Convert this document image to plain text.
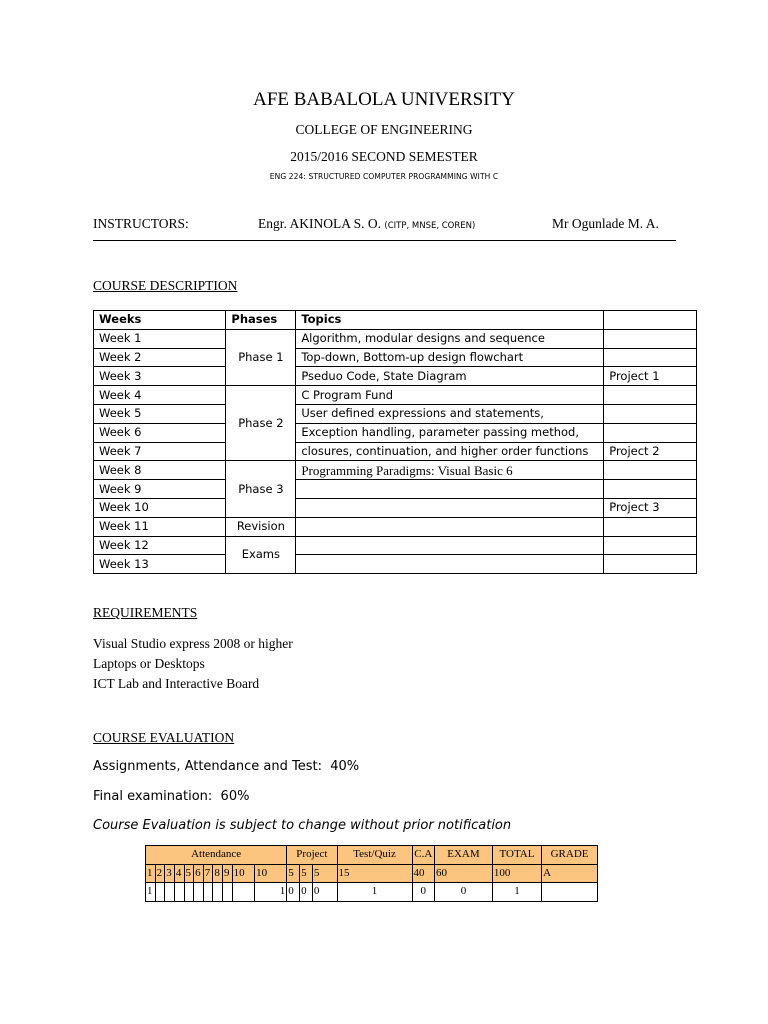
AFE BABALOLA UNIVERSITY
COLLEGE OF ENGINEERING
2015/2016 SECOND SEMESTER
ENG 224: STRUCTURED COMPUTER PROGRAMMING WITH C
INSTRUCTORS:	Engr. AKINOLA S. O. (CITP, MNSE, COREN)	Mr Ogunlade M. A.
COURSE DESCRIPTION
Weeks	Phases	Topics	
Week 1	Phase 1	Algorithm, modular designs and sequence	
Week 2		Top-down, Bottom-up design flowchart	
Week 3		Pseduo Code, State Diagram	Project 1
Week 4	Phase 2	C Program Fund	
Week 5		User defined expressions and statements,	
Week 6		Exception handling, parameter passing method,	
Week 7		closures, continuation, and higher order functions	Project 2
Week 8	Phase 3	Programming Paradigms: Visual Basic 6	
Week 9			
Week 10			Project 3
Week 11	Revision		
Week 12	Exams		
Week 13			
REQUIREMENTS
Visual Studio express 2008 or higher
Laptops or Desktops
ICT Lab and Interactive Board
COURSE EVALUATION
Assignments, Attendance and Test:  40%
Final examination:  60%
Course Evaluation is subject to change without prior notification
Attendance											Project			Test/Quiz	C.A	EXAM	TOTAL	GRADE
1	2	3	4	5	6	7	8	9	10	10	5	5	5	15	40	60	100	A
1										1	0	0	0	1	0	0	1	
